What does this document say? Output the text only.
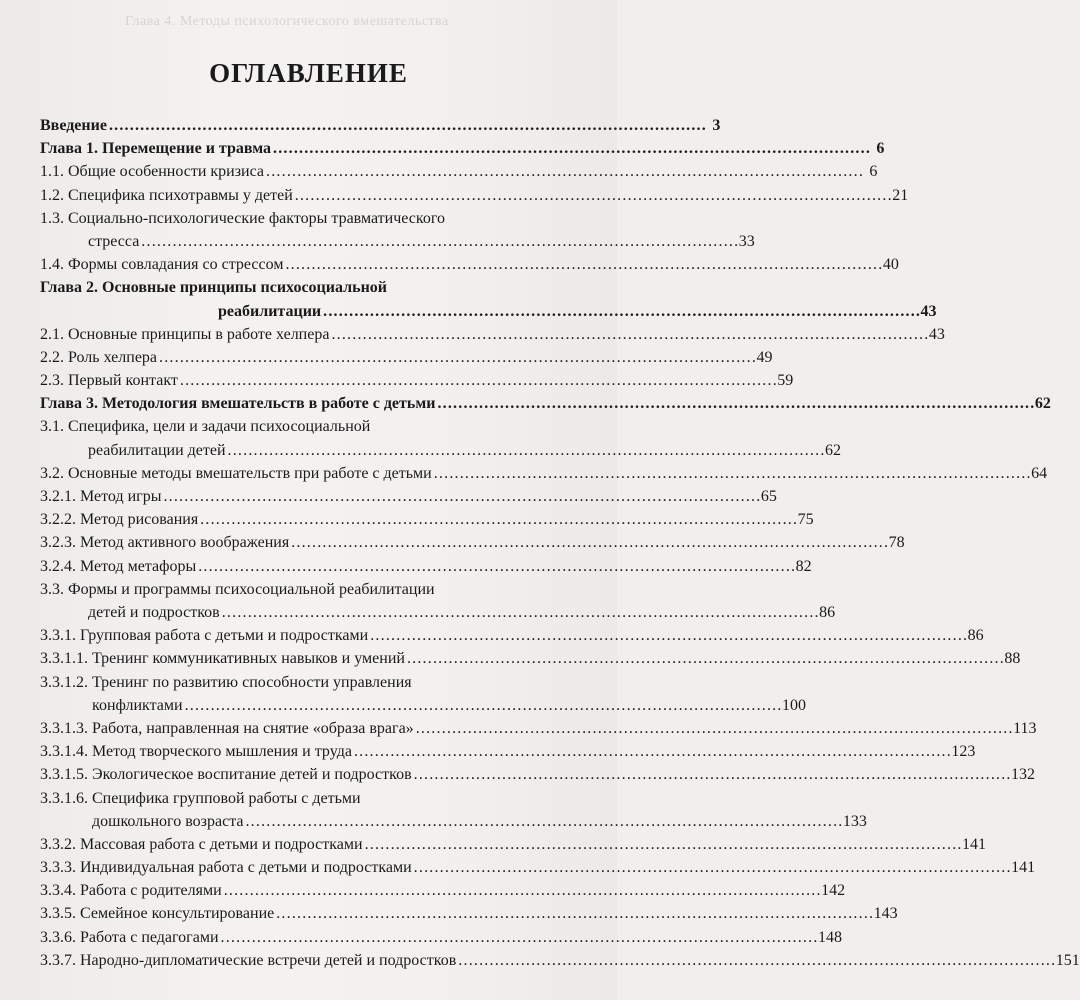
Глава 4. Методы психологического вмешательства
ОГЛАВЛЕНИЕ
Введение . . .	3
Глава 1. Перемещение и травма . . .	6
1.1. Общие особенности кризиса . . .	6
1.2. Специфика психотравмы у детей . . .	21
1.3. Социально-психологические факторы травматического
стресса . . .	33
1.4. Формы совладания со стрессом . . .	40
Глава 2. Основные принципы психосоциальной
реабилитации . . .	43
2.1. Основные принципы в работе хелпера . . .	43
2.2. Роль хелпера . . .	49
2.3. Первый контакт . . .	59
Глава 3. Методология вмешательств в работе с детьми . . .	62
3.1. Специфика, цели и задачи психосоциальной
реабилитации детей . . .	62
3.2. Основные методы вмешательств при работе с детьми . . .	64
3.2.1. Метод игры . . .	65
3.2.2. Метод рисования . . .	75
3.2.3. Метод активного воображения . . .	78
3.2.4. Метод метафоры . . .	82
3.3. Формы и программы психосоциальной реабилитации
детей и подростков . . .	86
3.3.1. Групповая работа с детьми и подростками . . .	86
3.3.1.1. Тренинг коммуникативных навыков и умений . . .	88
3.3.1.2. Тренинг по развитию способности управления
конфликтами . . .	100
3.3.1.3. Работа, направленная на снятие «образа врага» . . .	113
3.3.1.4. Метод творческого мышления и труда . . .	123
3.3.1.5. Экологическое воспитание детей и подростков . . .	132
3.3.1.6. Специфика групповой работы с детьми
дошкольного возраста . . .	133
3.3.2. Массовая работа с детьми и подростками . . .	141
3.3.3. Индивидуальная работа с детьми и подростками . . .	141
3.3.4. Работа с родителями . . .	142
3.3.5. Семейное консультирование . . .	143
3.3.6. Работа с педагогами . . .	148
3.3.7. Народно-дипломатические встречи детей и подростков . . .	151
